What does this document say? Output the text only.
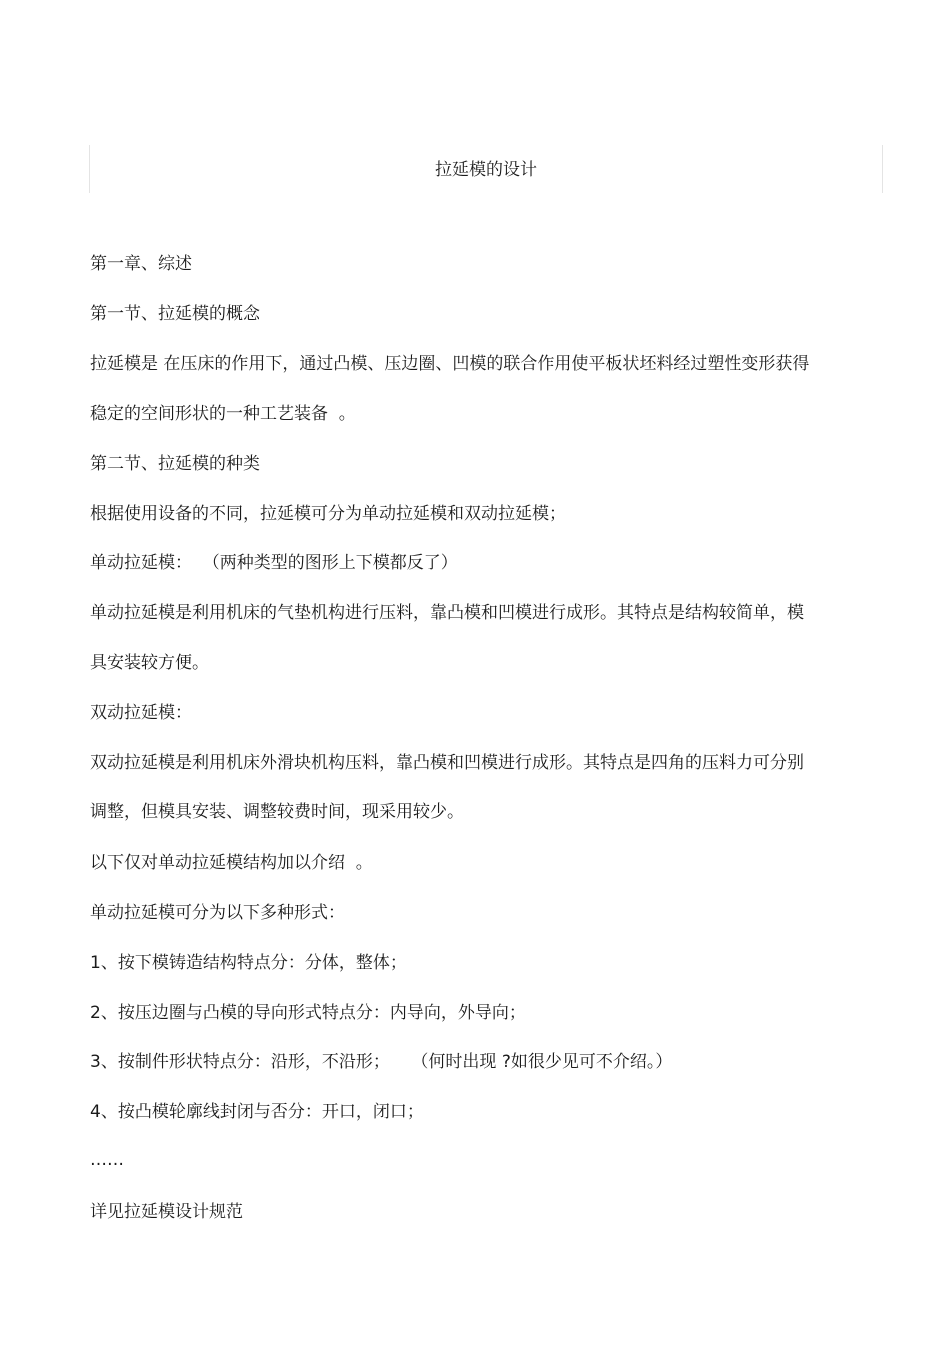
拉延模的设计
第一章、综述
第一节、拉延模的概念
拉延模是 在压床的作用下，通过凸模、压边圈、凹模的联合作用使平板状坯料经过塑性变形获得
稳定的空间形状的一种工艺装备  。
第二节、拉延模的种类
根据使用设备的不同，拉延模可分为单动拉延模和双动拉延模；
单动拉延模：  （两种类型的图形上下模都反了）
单动拉延模是利用机床的气垫机构进行压料，靠凸模和凹模进行成形。其特点是结构较简单，模
具安装较方便。
双动拉延模：
双动拉延模是利用机床外滑块机构压料，靠凸模和凹模进行成形。其特点是四角的压料力可分别
调整，但模具安装、调整较费时间，现采用较少。
以下仅对单动拉延模结构加以介绍  。
单动拉延模可分为以下多种形式：
1、按下模铸造结构特点分：分体，整体；
2、按压边圈与凸模的导向形式特点分：内导向，外导向；
3、按制件形状特点分：沿形，不沿形；    （何时出现 ?如很少见可不介绍。）
4、按凸模轮廓线封闭与否分：开口，闭口；
……
详见拉延模设计规范
